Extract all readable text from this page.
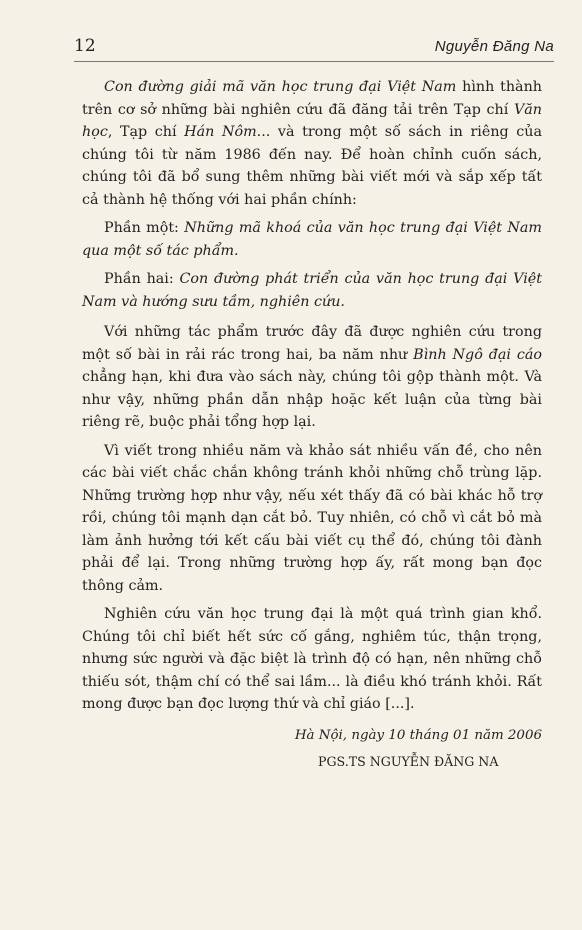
12	Nguyễn Đăng Na

Con đường giải mã văn học trung đại Việt Nam hình thành trên cơ sở những bài nghiên cứu đã đăng tải trên Tạp chí Văn học, Tạp chí Hán Nôm... và trong một số sách in riêng của chúng tôi từ năm 1986 đến nay. Để hoàn chỉnh cuốn sách, chúng tôi đã bổ sung thêm những bài viết mới và sắp xếp tất cả thành hệ thống với hai phần chính:

Phần một: Những mã khoá của văn học trung đại Việt Nam qua một số tác phẩm.

Phần hai: Con đường phát triển của văn học trung đại Việt Nam và hướng sưu tầm, nghiên cứu.

Với những tác phẩm trước đây đã được nghiên cứu trong một số bài in rải rác trong hai, ba năm như Bình Ngô đại cáo chẳng hạn, khi đưa vào sách này, chúng tôi gộp thành một. Và như vậy, những phần dẫn nhập hoặc kết luận của từng bài riêng rẽ, buộc phải tổng hợp lại.

Vì viết trong nhiều năm và khảo sát nhiều vấn đề, cho nên các bài viết chắc chắn không tránh khỏi những chỗ trùng lặp. Những trường hợp như vậy, nếu xét thấy đã có bài khác hỗ trợ rồi, chúng tôi mạnh dạn cắt bỏ. Tuy nhiên, có chỗ vì cắt bỏ mà làm ảnh hưởng tới kết cấu bài viết cụ thể đó, chúng tôi đành phải để lại. Trong những trường hợp ấy, rất mong bạn đọc thông cảm.

Nghiên cứu văn học trung đại là một quá trình gian khổ. Chúng tôi chỉ biết hết sức cố gắng, nghiêm túc, thận trọng, nhưng sức người và đặc biệt là trình độ có hạn, nên những chỗ thiếu sót, thậm chí có thể sai lầm... là điều khó tránh khỏi. Rất mong được bạn đọc lượng thứ và chỉ giáo [...].

Hà Nội, ngày 10 tháng 01 năm 2006
PGS.TS NGUYỄN ĐĂNG NA
